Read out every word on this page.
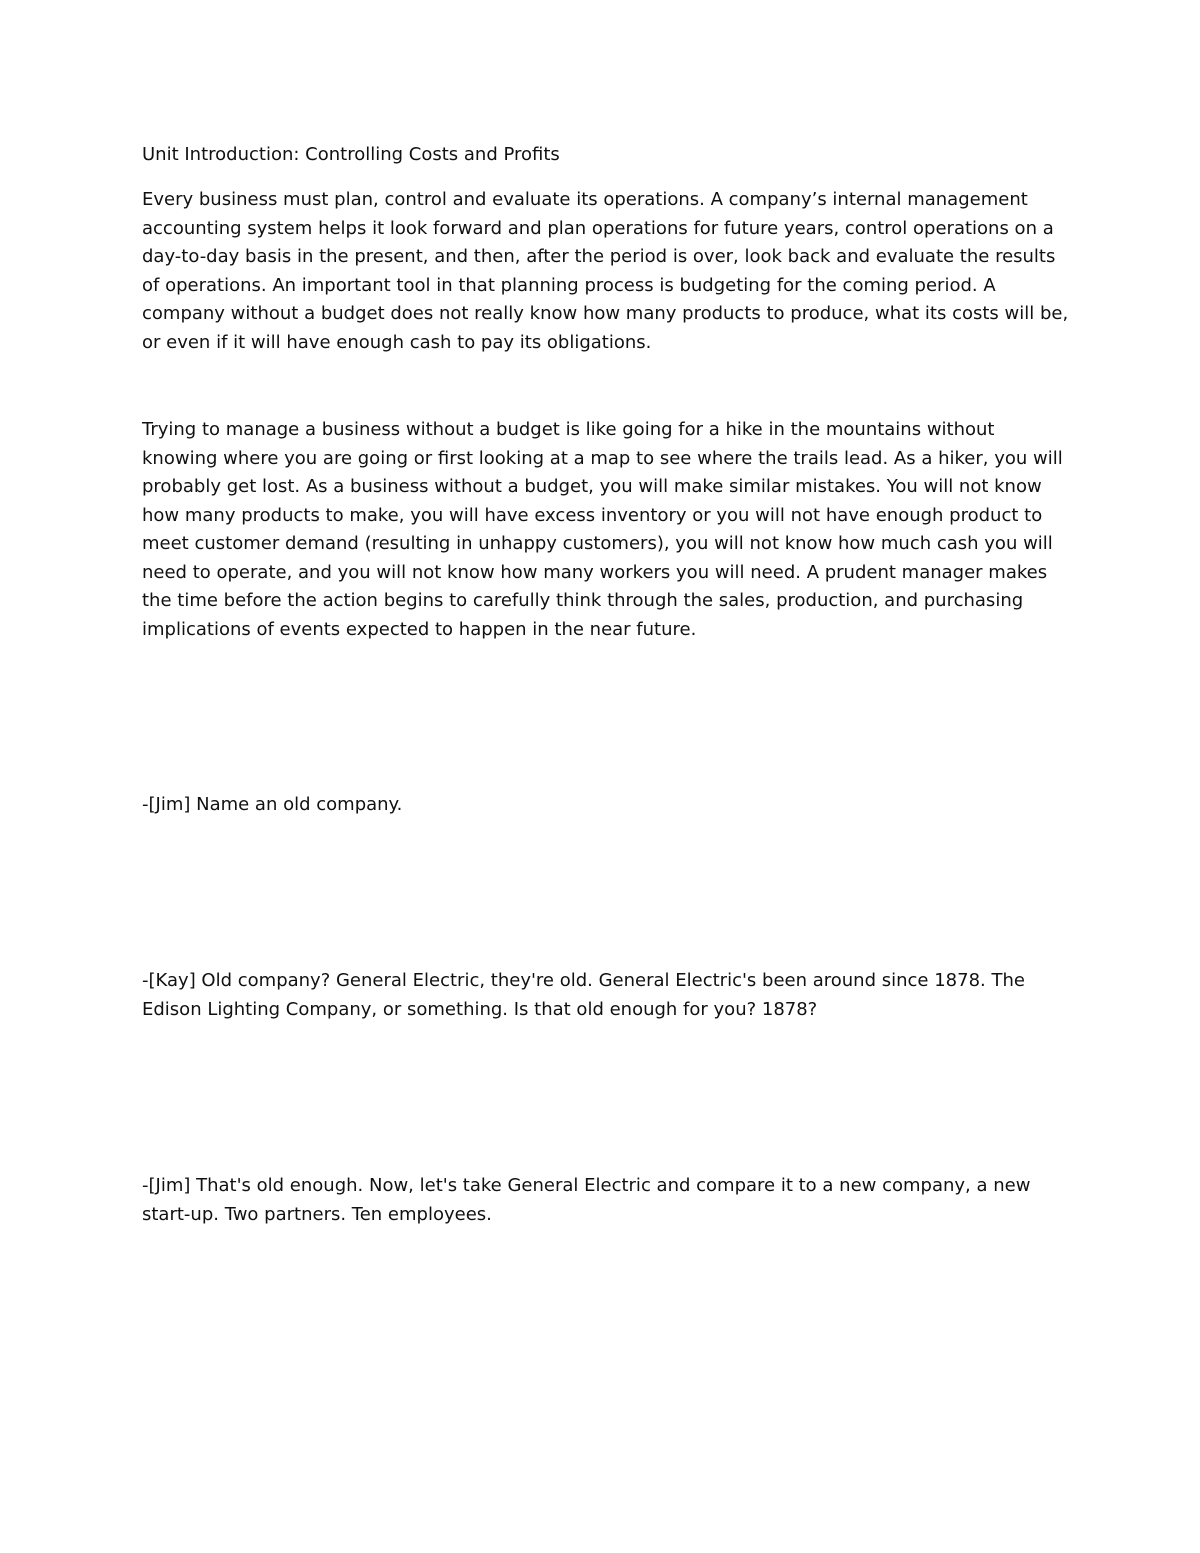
Unit Introduction: Controlling Costs and Profits

Every business must plan, control and evaluate its operations. A company’s internal management accounting system helps it look forward and plan operations for future years, control operations on a day-to-day basis in the present, and then, after the period is over, look back and evaluate the results of operations. An important tool in that planning process is budgeting for the coming period. A company without a budget does not really know how many products to produce, what its costs will be, or even if it will have enough cash to pay its obligations.

Trying to manage a business without a budget is like going for a hike in the mountains without knowing where you are going or first looking at a map to see where the trails lead. As a hiker, you will probably get lost. As a business without a budget, you will make similar mistakes. You will not know how many products to make, you will have excess inventory or you will not have enough product to meet customer demand (resulting in unhappy customers), you will not know how much cash you will need to operate, and you will not know how many workers you will need. A prudent manager makes the time before the action begins to carefully think through the sales, production, and purchasing implications of events expected to happen in the near future.

-[Jim] Name an old company.

-[Kay] Old company? General Electric, they're old. General Electric's been around since 1878. The Edison Lighting Company, or something. Is that old enough for you? 1878?

-[Jim] That's old enough. Now, let's take General Electric and compare it to a new company, a new start-up. Two partners. Ten employees.
